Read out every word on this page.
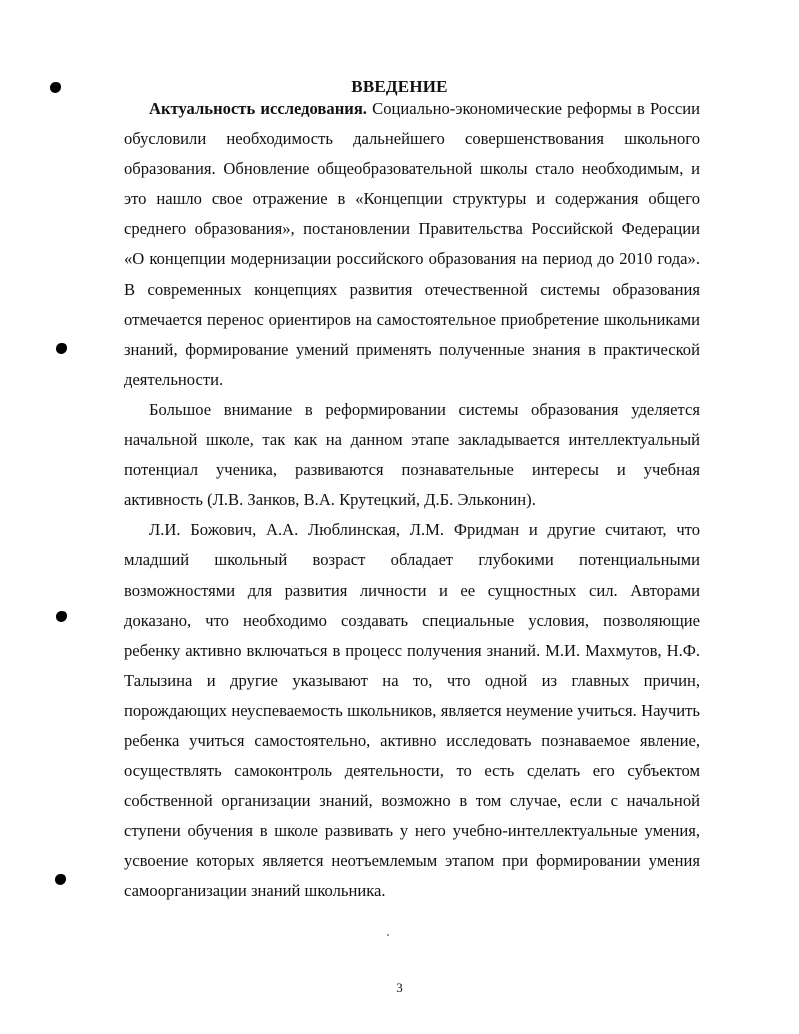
ВВЕДЕНИЕ

Актуальность исследования. Социально-экономические реформы в России обусловили необходимость дальнейшего совершенствования школьного образования. Обновление общеобразовательной школы стало необходимым, и это нашло свое отражение в «Концепции структуры и содержания общего среднего образования», постановлении Правительства Российской Федерации «О концепции модернизации российского образования на период до 2010 года». В современных концепциях развития отечественной системы образования отмечается перенос ориентиров на самостоятельное приобретение школьниками знаний, формирование умений применять полученные знания в практической деятельности.

Большое внимание в реформировании системы образования уделяется начальной школе, так как на данном этапе закладывается интеллектуальный потенциал ученика, развиваются познавательные интересы и учебная активность (Л.В. Занков, В.А. Крутецкий, Д.Б. Эльконин).

Л.И. Божович, А.А. Люблинская, Л.М. Фридман и другие считают, что младший школьный возраст обладает глубокими потенциальными возможностями для развития личности и ее сущностных сил. Авторами доказано, что необходимо создавать специальные условия, позволяющие ребенку активно включаться в процесс получения знаний. М.И. Махмутов, Н.Ф. Талызина и другие указывают на то, что одной из главных причин, порождающих неуспеваемость школьников, является неумение учиться. Научить ребенка учиться самостоятельно, активно исследовать познаваемое явление, осуществлять самоконтроль деятельности, то есть сделать его субъектом собственной организации знаний, возможно в том случае, если с начальной ступени обучения в школе развивать у него учебно-интеллектуальные умения, усвоение которых является неотъемлемым этапом при формировании умения самоорганизации знаний школьника.

3
